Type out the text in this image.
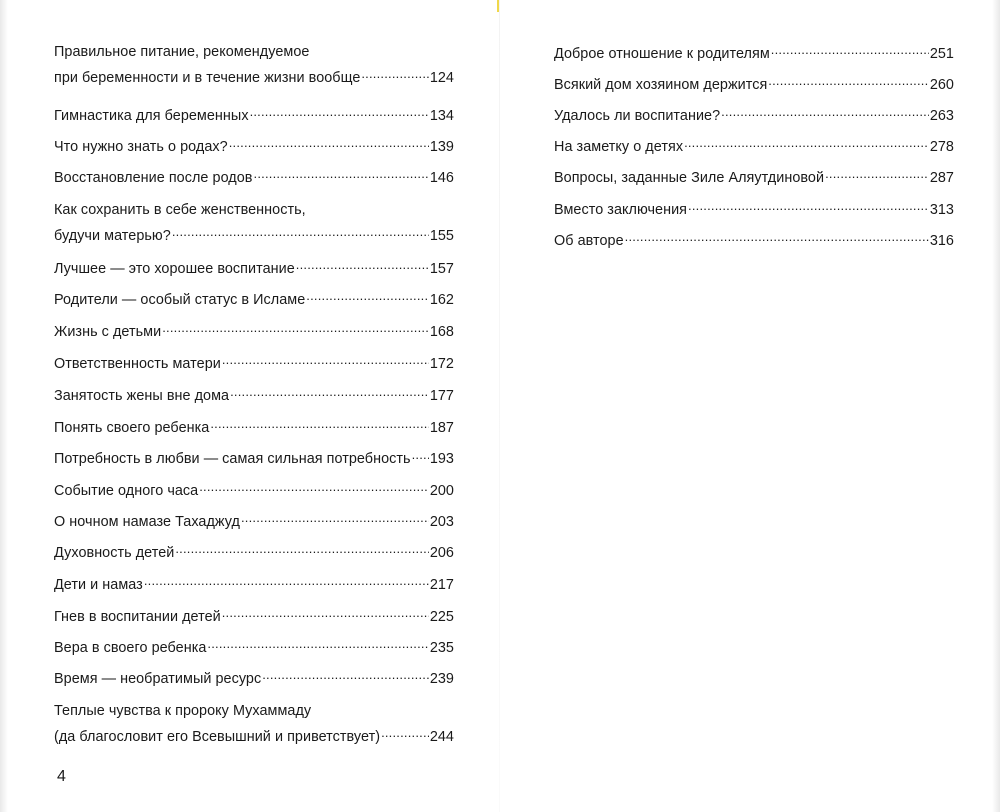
Правильное питание, рекомендуемое
при беременности и в течение жизни вообще .....	124
Гимнастика для беременных .....	134
Что нужно знать о родах? .....	139
Восстановление после родов .....	146
Как сохранить в себе женственность,
будучи матерью? .....	155
Лучшее — это хорошее воспитание .....	157
Родители — особый статус в Исламе .....	162
Жизнь с детьми .....	168
Ответственность матери .....	172
Занятость жены вне дома .....	177
Понять своего ребенка .....	187
Потребность в любви — самая сильная потребность ..... 193
Событие одного часа .....	200
О ночном намазе Тахаджуд .....	203
Духовность детей .....	206
Дети и намаз .....	217
Гнев в воспитании детей .....	225
Вера в своего ребенка .....	235
Время — необратимый ресурс .....	239
Теплые чувства к пророку Мухаммаду
(да благословит его Всевышний и приветствует) .....	244
4
Доброе отношение к родителям .....	251
Всякий дом хозяином держится .....	260
Удалось ли воспитание? .....	263
На заметку о детях .....	278
Вопросы, заданные Зиле Аляутдиновой .....	287
Вместо заключения .....	313
Об авторе .....	316
